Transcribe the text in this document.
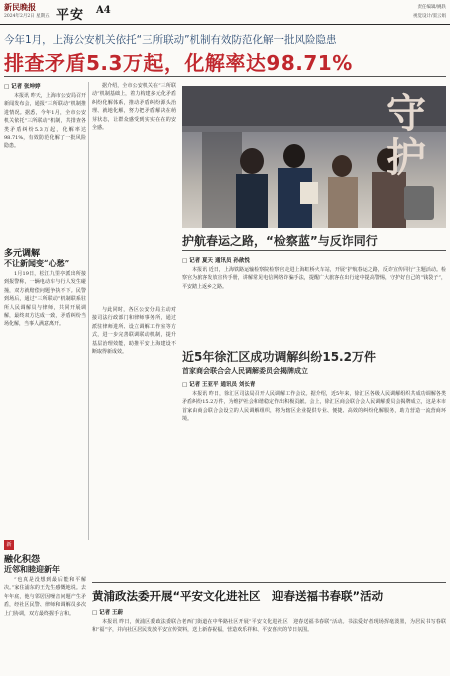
新民晚报
2024年2月2日 星期五 平安 A4	责任编辑/姚轶
视觉设计/窦云娟
今年1月，上海公安机关依托“三所联动”机制有效防范化解一批风险隐患
排查矛盾5.3万起，化解率达98.71%
□ 记者 张坤婷
本报讯 昨天，上海市公安局召开新闻发布会，通报“三所联动”机制推进情况。据悉，今年1月，全市公安机关依托“三所联动”机制，共排查各类矛盾纠纷5.3万起，化解率达98.71%，有效防范化解了一批风险隐患。
多元调解
不让新闻变“心愁”
1月19日，松江九里亭派出所接到报警称，一辆电动车与行人发生碰撞，双方就赔偿问题争执不下。民警到场后，通过“三所联动”机制联系驻所人民调解员与律师，共同开展调解，最终双方达成一致，矛盾纠纷当场化解，当事人满意离开。
融化积怨
近邻和睦迎新年
“也真是没想到最后能和平解决。”家住浦东的王先生感慨地说。去年年底，他与邻居因噪音问题产生矛盾，经社区民警、律师和调解员多次上门协调，双方最终握手言和。
据介绍，全市公安机关在“三所联动”机制基础上，着力构建多元化矛盾纠纷化解体系，推动矛盾纠纷源头治理、就地化解，努力把矛盾解决在萌芽状态，让群众感受到实实在在的安全感。
与此同时，各区公安分局主动对接司法行政部门和律师事务所，通过派驻律师进所、设立调解工作室等方式，进一步完善联调联动机制，提升基层治理效能，助推平安上海建设不断取得新成效。
新
守护
护航春运之路，“检察蓝”与反诈同行
□ 记者 夏天 通讯员 孙歆悦
本报讯 近日，上海铁路运输检察院检察官走进上海虹桥火车站，开展“护航春运之路，反诈宣传同行”主题活动。检察官为旅客发放宣传手册，讲解常见电信网络诈骗手法，提醒广大旅客在出行途中提高警惕，守护好自己的“钱袋子”，平安踏上返乡之路。
近5年徐汇区成功调解纠纷15.2万件
首家商会联合会人民调解委员会揭牌成立
□ 记者 王亚平 通讯员 刘长青
本报讯 昨日，徐汇区司法局召开人民调解工作会议。据介绍，近5年来，徐汇区各级人民调解组织共成功调解各类矛盾纠纷15.2万件，为维护社会和谐稳定作出积极贡献。会上，徐汇区商会联合会人民调解委员会揭牌成立，这是本市首家由商会联合会设立的人民调解组织，将为辖区企业提供专业、便捷、高效的纠纷化解服务，助力营造一流营商环境。
黄浦政法委开展“平安文化进社区　迎春送福书春联”活动
□ 记者 王蔚
本报讯 昨日，黄浦区委政法委联合老西门街道在中华路社区开展“平安文化进社区　迎春送福书春联”活动。书法爱好者现场挥毫泼墨，为居民书写春联和“福”字，并向社区居民发放平安宣传资料，送上新春祝福，营造欢乐祥和、平安喜庆的节日氛围。
